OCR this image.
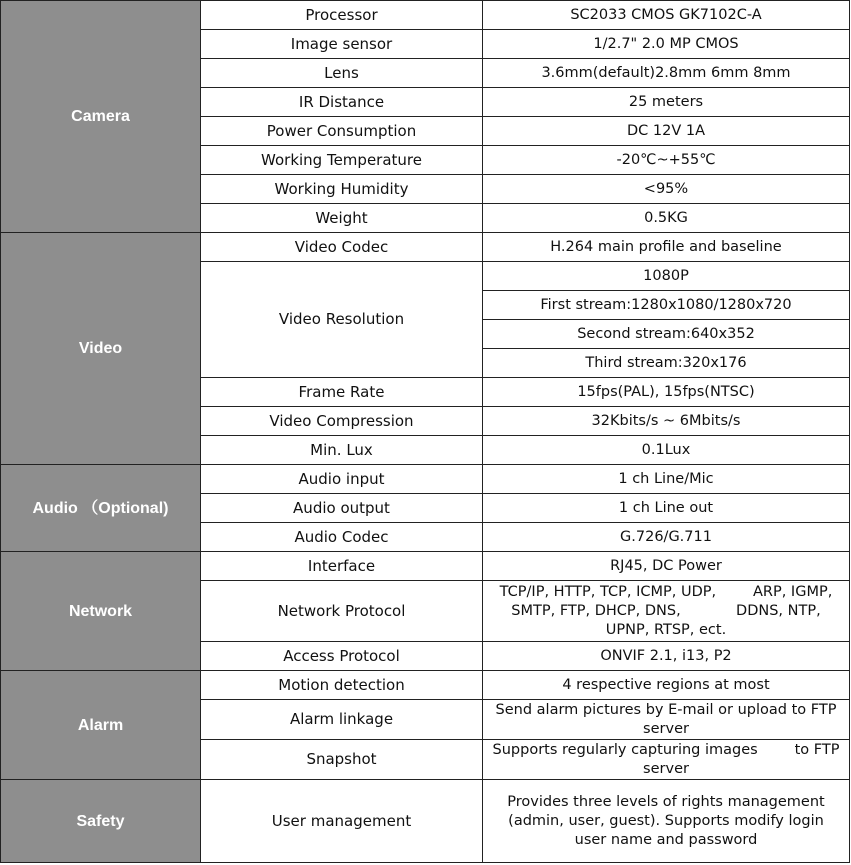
Camera	Processor	SC2033 CMOS GK7102C-A
	Image sensor	1/2.7" 2.0 MP CMOS
	Lens	3.6mm(default)2.8mm 6mm 8mm
	IR Distance	25 meters
	Power Consumption	DC 12V 1A
	Working Temperature	-20℃~+55℃
	Working Humidity	<95%
	Weight	0.5KG
Video	Video Codec	H.264 main profile and baseline
	Video Resolution	1080P
		First stream:1280x1080/1280x720
		Second stream:640x352
		Third stream:320x176
	Frame Rate	15fps(PAL), 15fps(NTSC)
	Video Compression	32Kbits/s ~ 6Mbits/s
	Min. Lux	0.1Lux
Audio （Optional)	Audio input	1 ch Line/Mic
	Audio output	1 ch Line out
	Audio Codec	G.726/G.711
Network	Interface	RJ45, DC Power
	Network Protocol	TCP/IP, HTTP, TCP, ICMP, UDP,        ARP, IGMP,
SMTP, FTP, DHCP, DNS,            DDNS, NTP,
UPNP, RTSP, ect.

	Access Protocol	ONVIF 2.1, i13, P2
Alarm	Motion detection	4 respective regions at most
	Alarm linkage	Send alarm pictures by E-mail or upload to FTP
server

	Snapshot	Supports regularly capturing images        to FTP
server

Safety	User management	Provides three levels of rights management
(admin, user, guest). Supports modify login
user name and password
